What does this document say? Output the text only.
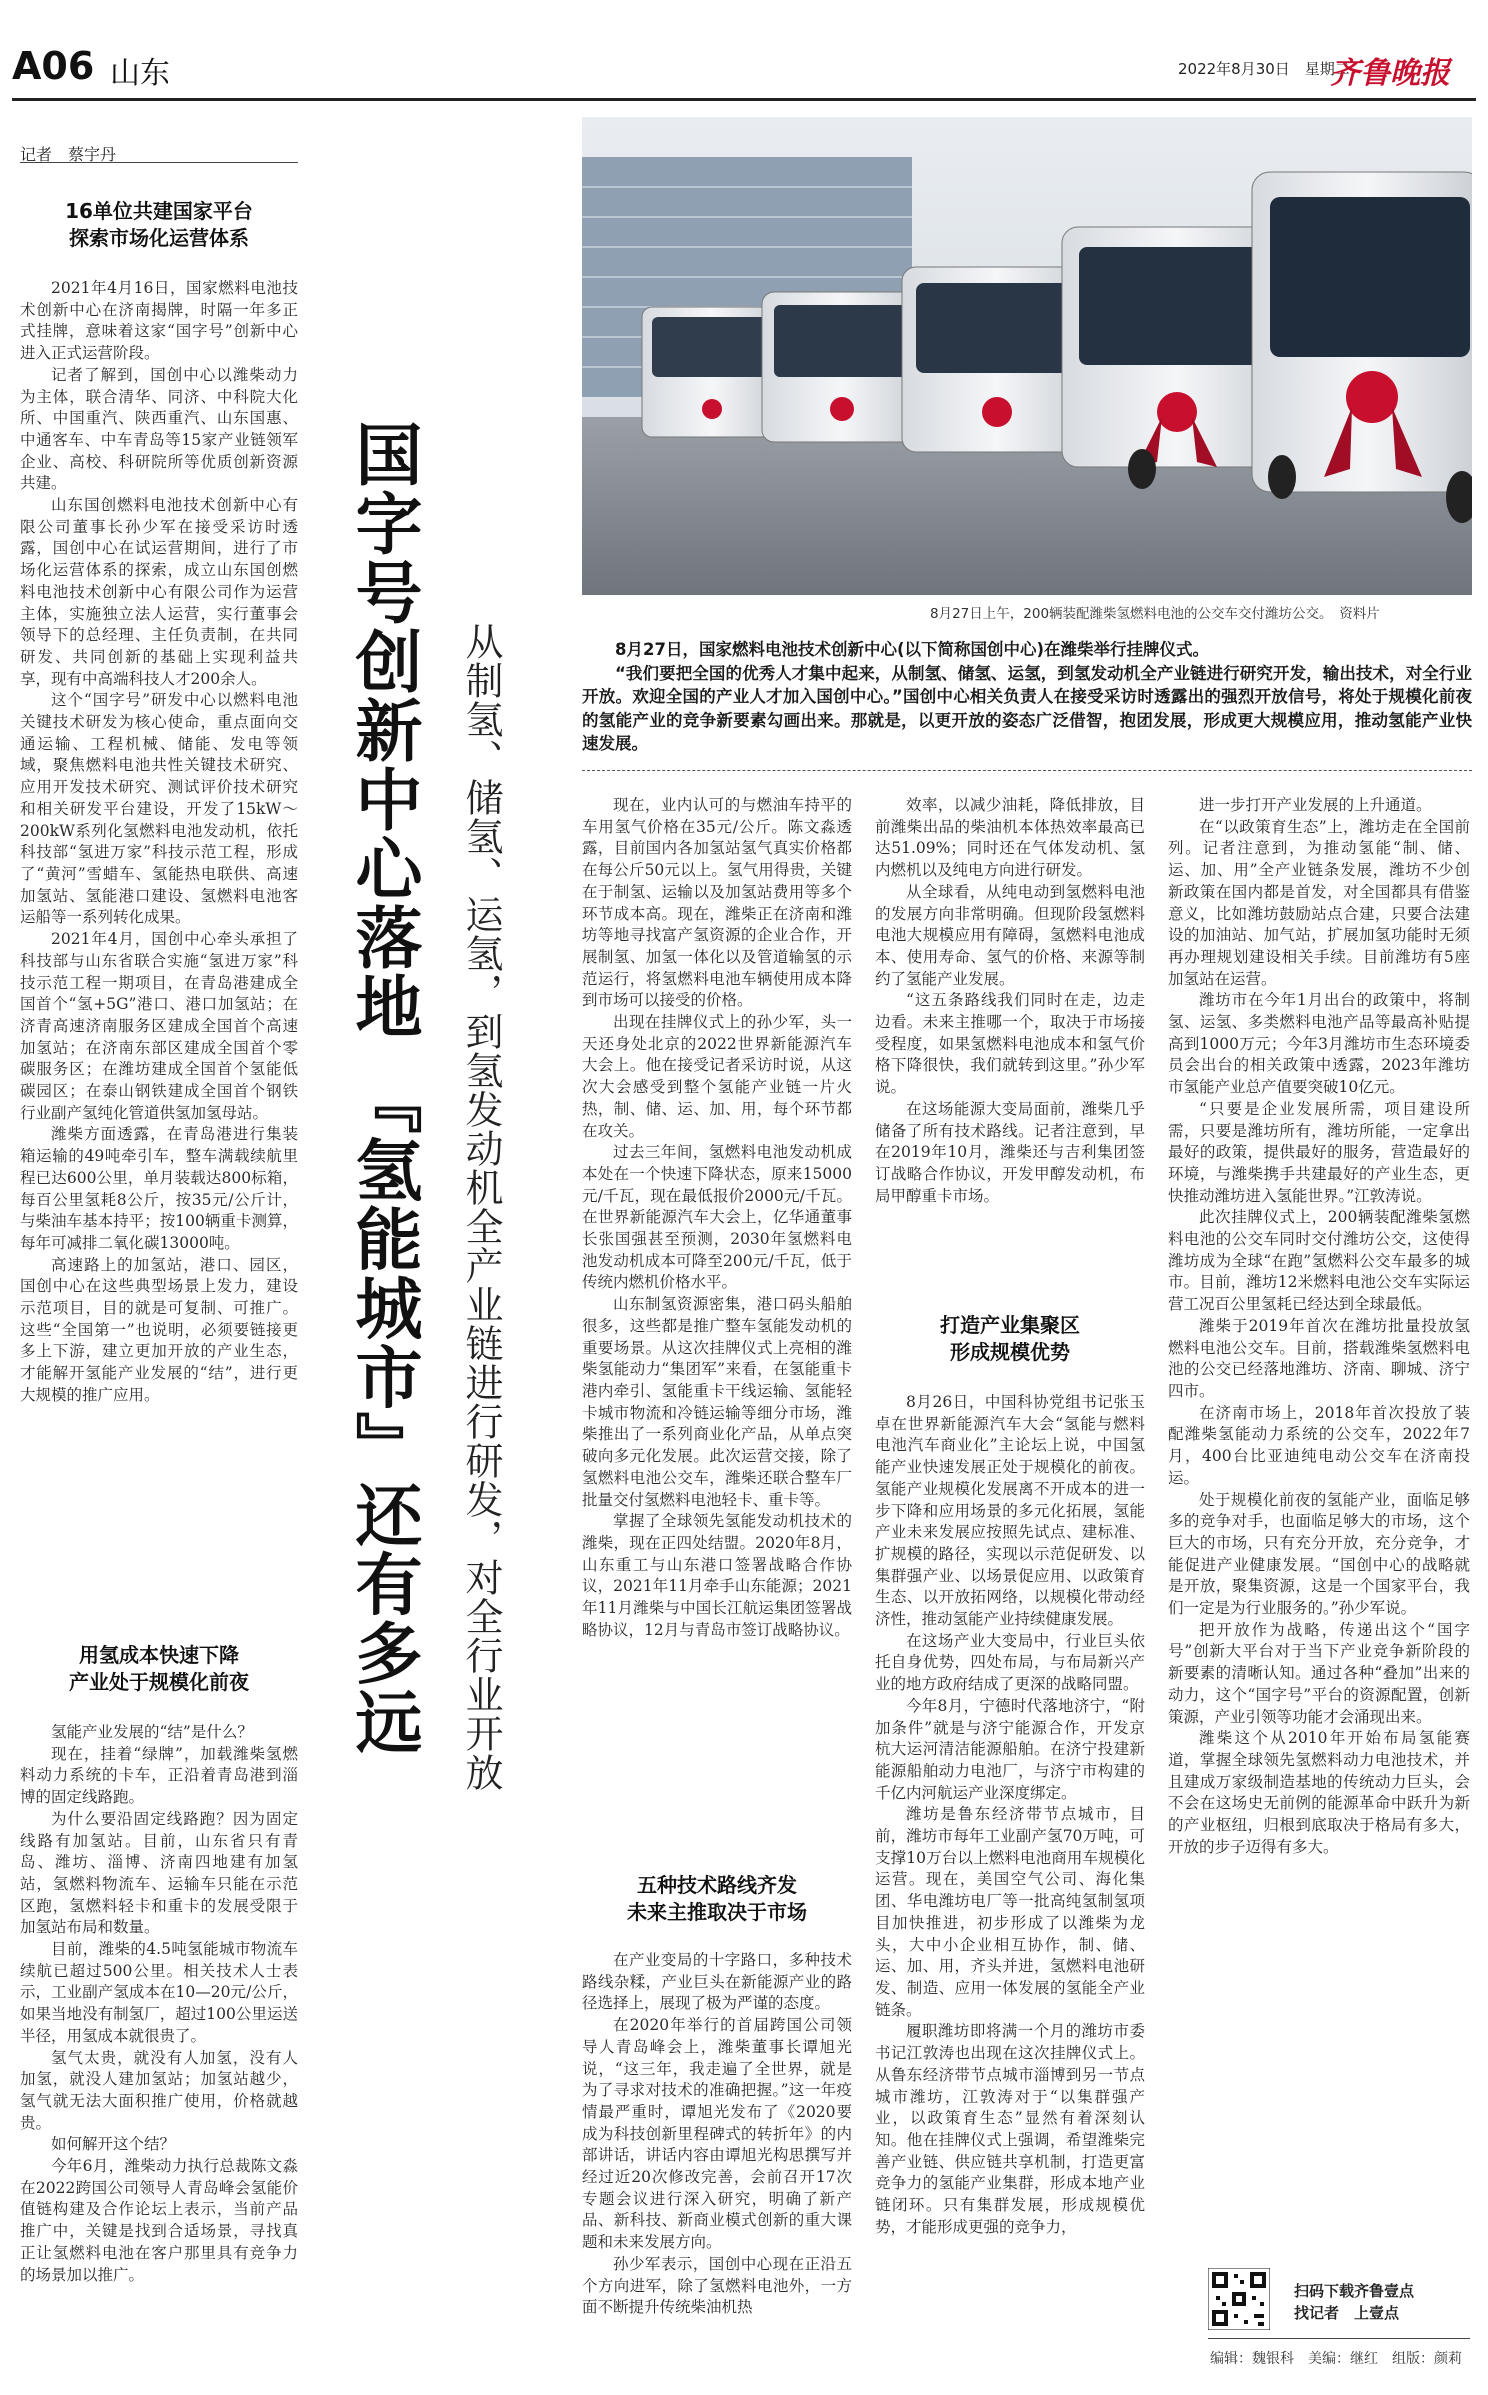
A06 山东	2022年8月30日　星期二
齐鲁晚报
记者　蔡宇丹
16单位共建国家平台
探索市场化运营体系

2021年4月16日，国家燃料电池技术创新中心在济南揭牌，时隔一年多正式挂牌，意味着这家“国字号”创新中心进入正式运营阶段。

记者了解到，国创中心以潍柴动力为主体，联合清华、同济、中科院大化所、中国重汽、陕西重汽、山东国惠、中通客车、中车青岛等15家产业链领军企业、高校、科研院所等优质创新资源共建。

山东国创燃料电池技术创新中心有限公司董事长孙少军在接受采访时透露，国创中心在试运营期间，进行了市场化运营体系的探索，成立山东国创燃料电池技术创新中心有限公司作为运营主体，实施独立法人运营，实行董事会领导下的总经理、主任负责制，在共同研发、共同创新的基础上实现利益共享，现有中高端科技人才200余人。

这个“国字号”研发中心以燃料电池关键技术研发为核心使命，重点面向交通运输、工程机械、储能、发电等领域，聚焦燃料电池共性关键技术研究、应用开发技术研究、测试评价技术研究和相关研发平台建设，开发了15kW～200kW系列化氢燃料电池发动机，依托科技部“氢进万家”科技示范工程，形成了“黄河”雪蜡车、氢能热电联供、高速加氢站、氢能港口建设、氢燃料电池客运船等一系列转化成果。

2021年4月，国创中心牵头承担了科技部与山东省联合实施“氢进万家”科技示范工程一期项目，在青岛港建成全国首个“氢+5G”港口、港口加氢站；在济青高速济南服务区建成全国首个高速加氢站；在济南东部区建成全国首个零碳服务区；在潍坊建成全国首个氢能低碳园区；在泰山钢铁建成全国首个钢铁行业副产氢纯化管道供氢加氢母站。

潍柴方面透露，在青岛港进行集装箱运输的49吨牵引车，整车满载续航里程已达600公里，单月装载达800标箱，每百公里氢耗8公斤，按35元/公斤计，与柴油车基本持平；按100辆重卡测算，每年可减排二氧化碳13000吨。

高速路上的加氢站，港口、园区，国创中心在这些典型场景上发力，建设示范项目，目的就是可复制、可推广。这些“全国第一”也说明，必须要链接更多上下游，建立更加开放的产业生态，才能解开氢能产业发展的“结”，进行更大规模的推广应用。

用氢成本快速下降
产业处于规模化前夜

氢能产业发展的“结”是什么？

现在，挂着“绿牌”，加载潍柴氢燃料动力系统的卡车，正沿着青岛港到淄博的固定线路跑。

为什么要沿固定线路跑？因为固定线路有加氢站。目前，山东省只有青岛、潍坊、淄博、济南四地建有加氢站，氢燃料物流车、运输车只能在示范区跑，氢燃料轻卡和重卡的发展受限于加氢站布局和数量。

目前，潍柴的4.5吨氢能城市物流车续航已超过500公里。相关技术人士表示，工业副产氢成本在10—20元/公斤，如果当地没有制氢厂，超过100公里运送半径，用氢成本就很贵了。

氢气太贵，就没有人加氢，没有人加氢，就没人建加氢站；加氢站越少，氢气就无法大面积推广使用，价格就越贵。

如何解开这个结？

今年6月，潍柴动力执行总裁陈文淼在2022跨国公司领导人青岛峰会氢能价值链构建及合作论坛上表示，当前产品推广中，关键是找到合适场景，寻找真正让氢燃料电池在客户那里具有竞争力的场景加以推广。

国字号创新中心落地 『氢能城市』还有多远 从制氢、储氢、运氢，到氢发动机全产业链进行研发，对全行业开放
8月27日上午，200辆装配潍柴氢燃料电池的公交车交付潍坊公交。　资料片

8月27日，国家燃料电池技术创新中心(以下简称国创中心)在潍柴举行挂牌仪式。

“我们要把全国的优秀人才集中起来，从制氢、储氢、运氢，到氢发动机全产业链进行研究开发，输出技术，对全行业开放。欢迎全国的产业人才加入国创中心。”国创中心相关负责人在接受采访时透露出的强烈开放信号，将处于规模化前夜的氢能产业的竞争新要素勾画出来。那就是，以更开放的姿态广泛借智，抱团发展，形成更大规模应用，推动氢能产业快速发展。

现在，业内认可的与燃油车持平的车用氢气价格在35元/公斤。陈文淼透露，目前国内各加氢站氢气真实价格都在每公斤50元以上。氢气用得贵，关键在于制氢、运输以及加氢站费用等多个环节成本高。现在，潍柴正在济南和潍坊等地寻找富产氢资源的企业合作，开展制氢、加氢一体化以及管道输氢的示范运行，将氢燃料电池车辆使用成本降到市场可以接受的价格。

出现在挂牌仪式上的孙少军，头一天还身处北京的2022世界新能源汽车大会上。他在接受记者采访时说，从这次大会感受到整个氢能产业链一片火热，制、储、运、加、用，每个环节都在攻关。

过去三年间，氢燃料电池发动机成本处在一个快速下降状态，原来15000元/千瓦，现在最低报价2000元/千瓦。在世界新能源汽车大会上，亿华通董事长张国强甚至预测，2030年氢燃料电池发动机成本可降至200元/千瓦，低于传统内燃机价格水平。

山东制氢资源密集，港口码头船舶很多，这些都是推广整车氢能发动机的重要场景。从这次挂牌仪式上亮相的潍柴氢能动力“集团军”来看，在氢能重卡港内牵引、氢能重卡干线运输、氢能轻卡城市物流和冷链运输等细分市场，潍柴推出了一系列商业化产品，从单点突破向多元化发展。此次运营交接，除了氢燃料电池公交车，潍柴还联合整车厂批量交付氢燃料电池轻卡、重卡等。

掌握了全球领先氢能发动机技术的潍柴，现在正四处结盟。2020年8月，山东重工与山东港口签署战略合作协议，2021年11月牵手山东能源；2021年11月潍柴与中国长江航运集团签署战略协议，12月与青岛市签订战略协议。

五种技术路线齐发
未来主推取决于市场

在产业变局的十字路口，多种技术路线杂糅，产业巨头在新能源产业的路径选择上，展现了极为严谨的态度。

在2020年举行的首届跨国公司领导人青岛峰会上，潍柴董事长谭旭光说，“这三年，我走遍了全世界，就是为了寻求对技术的准确把握。”这一年疫情最严重时，谭旭光发布了《2020要成为科技创新里程碑式的转折年》的内部讲话，讲话内容由谭旭光构思撰写并经过近20次修改完善，会前召开17次专题会议进行深入研究，明确了新产品、新科技、新商业模式创新的重大课题和未来发展方向。

孙少军表示，国创中心现在正沿五个方向进军，除了氢燃料电池外，一方面不断提升传统柴油机热

效率，以减少油耗，降低排放，目前潍柴出品的柴油机本体热效率最高已达51.09%；同时还在气体发动机、氢内燃机以及纯电方向进行研发。

从全球看，从纯电动到氢燃料电池的发展方向非常明确。但现阶段氢燃料电池大规模应用有障碍，氢燃料电池成本、使用寿命、氢气的价格、来源等制约了氢能产业发展。

“这五条路线我们同时在走，边走边看。未来主推哪一个，取决于市场接受程度，如果氢燃料电池成本和氢气价格下降很快，我们就转到这里。”孙少军说。

在这场能源大变局面前，潍柴几乎储备了所有技术路线。记者注意到，早在2019年10月，潍柴还与吉利集团签订战略合作协议，开发甲醇发动机，布局甲醇重卡市场。

打造产业集聚区
形成规模优势

8月26日，中国科协党组书记张玉卓在世界新能源汽车大会“氢能与燃料电池汽车商业化”主论坛上说，中国氢能产业快速发展正处于规模化的前夜。氢能产业规模化发展离不开成本的进一步下降和应用场景的多元化拓展，氢能产业未来发展应按照先试点、建标准、扩规模的路径，实现以示范促研发、以集群强产业、以场景促应用、以政策育生态、以开放拓网络，以规模化带动经济性，推动氢能产业持续健康发展。

在这场产业大变局中，行业巨头依托自身优势，四处布局，与布局新兴产业的地方政府结成了更深的战略同盟。

今年8月，宁德时代落地济宁，“附加条件”就是与济宁能源合作，开发京杭大运河清洁能源船舶。在济宁投建新能源船舶动力电池厂，与济宁市构建的千亿内河航运产业深度绑定。

潍坊是鲁东经济带节点城市，目前，潍坊市每年工业副产氢70万吨，可支撑10万台以上燃料电池商用车规模化运营。现在，美国空气公司、海化集团、华电潍坊电厂等一批高纯氢制氢项目加快推进，初步形成了以潍柴为龙头，大中小企业相互协作，制、储、运、加、用，齐头并进，氢燃料电池研发、制造、应用一体发展的氢能全产业链条。

履职潍坊即将满一个月的潍坊市委书记江敦涛也出现在这次挂牌仪式上。从鲁东经济带节点城市淄博到另一节点城市潍坊，江敦涛对于“以集群强产业，以政策育生态”显然有着深刻认知。他在挂牌仪式上强调，希望潍柴完善产业链、供应链共享机制，打造更富竞争力的氢能产业集群，形成本地产业链闭环。只有集群发展，形成规模优势，才能形成更强的竞争力，

进一步打开产业发展的上升通道。

在“以政策育生态”上，潍坊走在全国前列。记者注意到，为推动氢能“制、储、运、加、用”全产业链条发展，潍坊不少创新政策在国内都是首发，对全国都具有借鉴意义，比如潍坊鼓励站点合建，只要合法建设的加油站、加气站，扩展加氢功能时无须再办理规划建设相关手续。目前潍坊有5座加氢站在运营。

潍坊市在今年1月出台的政策中，将制氢、运氢、多类燃料电池产品等最高补贴提高到1000万元；今年3月潍坊市生态环境委员会出台的相关政策中透露，2023年潍坊市氢能产业总产值要突破10亿元。

“只要是企业发展所需，项目建设所需，只要是潍坊所有，潍坊所能，一定拿出最好的政策，提供最好的服务，营造最好的环境，与潍柴携手共建最好的产业生态，更快推动潍坊进入氢能世界。”江敦涛说。

此次挂牌仪式上，200辆装配潍柴氢燃料电池的公交车同时交付潍坊公交，这使得潍坊成为全球“在跑”氢燃料公交车最多的城市。目前，潍坊12米燃料电池公交车实际运营工况百公里氢耗已经达到全球最低。

潍柴于2019年首次在潍坊批量投放氢燃料电池公交车。目前，搭载潍柴氢燃料电池的公交已经落地潍坊、济南、聊城、济宁四市。

在济南市场上，2018年首次投放了装配潍柴氢能动力系统的公交车，2022年7月，400台比亚迪纯电动公交车在济南投运。

处于规模化前夜的氢能产业，面临足够多的竞争对手，也面临足够大的市场，这个巨大的市场，只有充分开放，充分竞争，才能促进产业健康发展。“国创中心的战略就是开放，聚集资源，这是一个国家平台，我们一定是为行业服务的。”孙少军说。

把开放作为战略，传递出这个“国字号”创新大平台对于当下产业竞争新阶段的新要素的清晰认知。通过各种“叠加”出来的动力，这个“国字号”平台的资源配置，创新策源，产业引领等功能才会涌现出来。

潍柴这个从2010年开始布局氢能赛道，掌握全球领先氢燃料动力电池技术，并且建成万家级制造基地的传统动力巨头，会不会在这场史无前例的能源革命中跃升为新的产业枢纽，归根到底取决于格局有多大，开放的步子迈得有多大。

扫码下载齐鲁壹点
找记者　上壹点
编辑：魏银科　美编：继红　组版：颜莉
